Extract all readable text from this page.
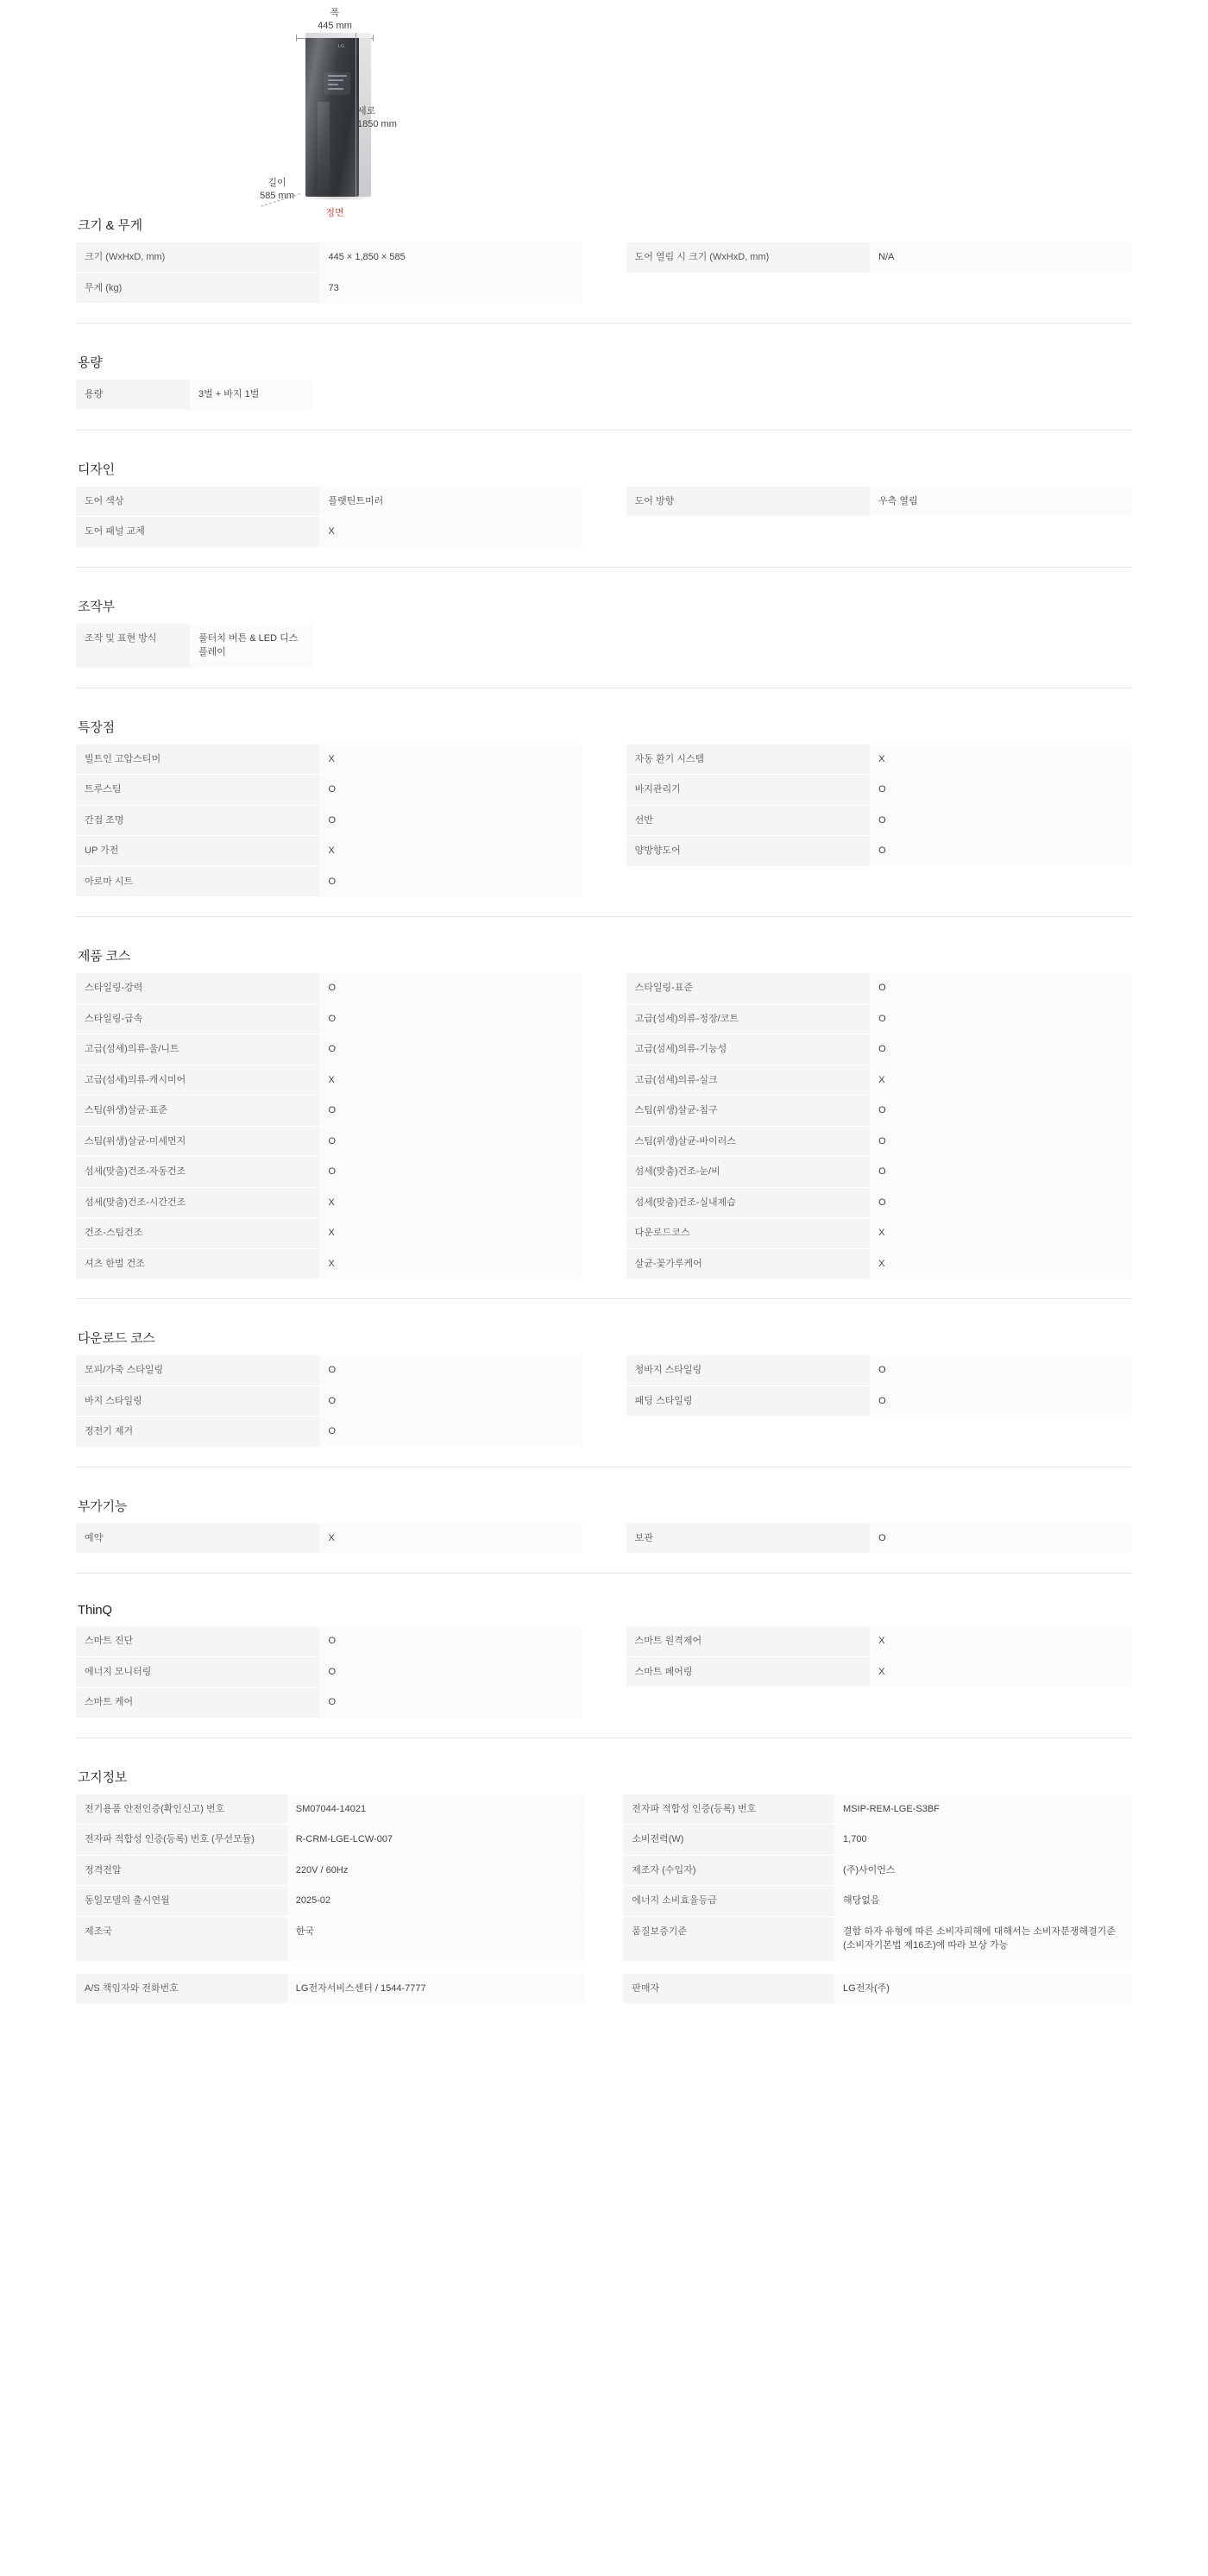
폭
445 mm
LG
세로
1850 mm
길이
585 mm
정면
크기 & 무게
크기 (WxHxD, mm)	445 × 1,850 × 585		도어 열림 시 크기 (WxHxD, mm)	N/A
무게 (kg)	73			
용량
용량	3벌 + 바지 1벌			
디자인
도어 색상	플랫틴트미러		도어 방향	우측 열림
도어 패널 교체	X			
조작부
조작 및 표현 방식	풀터치 버튼 & LED 디스플레이			
특장점
빌트인 고압스티머	X		자동 환기 시스템	X
트루스팀	O		바지관리기	O
간접 조명	O		선반	O
UP 가전	X		양방향도어	O
아로마 시트	O			
제품 코스
스타일링-강력	O		스타일링-표준	O
스타일링-급속	O		고급(섬세)의류-정장/코트	O
고급(섬세)의류-울/니트	O		고급(섬세)의류-기능성	O
고급(섬세)의류-캐시미어	X		고급(섬세)의류-실크	X
스팀(위생)살균-표준	O		스팀(위생)살균-침구	O
스팀(위생)살균-미세먼지	O		스팀(위생)살균-바이러스	O
섬세(맞춤)건조-자동건조	O		섬세(맞춤)건조-눈/비	O
섬세(맞춤)건조-시간건조	X		섬세(맞춤)건조-실내제습	O
건조-스팀건조	X		다운로드코스	X
셔츠 한벌 건조	X		살균-꽃가루케어	X
다운로드 코스
모피/가죽 스타일링	O		청바지 스타일링	O
바지 스타일링	O		패딩 스타일링	O
정전기 제거	O			
부가기능
예약	X		보관	O
ThinQ
스마트 진단	O		스마트 원격제어	X
에너지 모니터링	O		스마트 페어링	X
스마트 케어	O			
고지정보
전기용품 안전인증(확인신고) 번호	SM07044-14021		전자파 적합성 인증(등록) 번호	MSIP-REM-LGE-S3BF
전자파 적합성 인증(등록) 번호 (무선모듈)	R-CRM-LGE-LCW-007		소비전력(W)	1,700
정격전압	220V / 60Hz		제조자 (수입자)	(주)사이언스
동일모델의 출시연월	2025-02		에너지 소비효율등급	해당없음
제조국	한국		품질보증기준	결함 하자 유형에 따른 소비자피해에 대해서는 소비자분쟁해결기준(소비자기본법 제16조)에 따라 보상 가능
A/S 책임자와 전화번호	LG전자서비스센터 / 1544-7777		판매자	LG전자(주)
